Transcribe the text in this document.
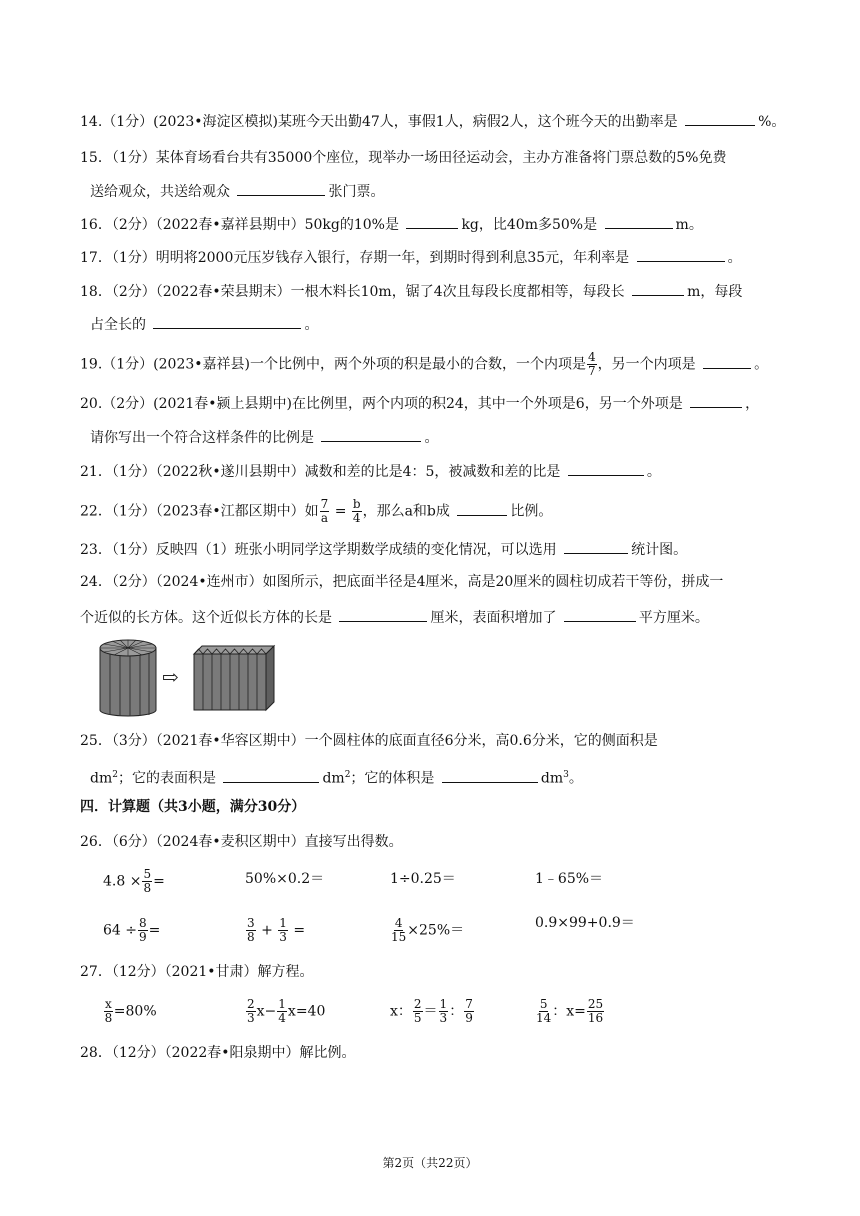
14.（1分）(2023•海淀区模拟)某班今天出勤47人，事假1人，病假2人，这个班今天的出勤率是	%。
15．（1分）某体育场看台共有35000个座位，现举办一场田径运动会，主办方准备将门票总数的5%免费
送给观众，共送给观众	张门票。
16．（2分）（2022春•嘉祥县期中）50kg的10%是	kg，比40m多50%是	m。
17．（1分）明明将2000元压岁钱存入银行，存期一年，到期时得到利息35元，年利率是	。
18．（2分）（2022春•荣县期末）一根木料长10m，锯了4次且每段长度都相等，每段长	m，每段
占全长的	。
19.（1分）(2023•嘉祥县)一个比例中，两个外项的积是最小的合数，一个内项是 $\frac{4}{7}$ ，另一个内项是	。
20.（2分）(2021春•颍上县期中)在比例里，两个内项的积24，其中一个外项是6，另一个外项是	，
请你写出一个符合这样条件的比例是	。
21．（1分）（2022秋•遂川县期中）减数和差的比是4：5，被减数和差的比是	。
22．（1分）（2023春•江都区期中）如 $\frac{7}{a} = \frac{b}{4}$ ，那么a和b成	比例。
23．（1分）反映四（1）班张小明同学这学期数学成绩的变化情况，可以选用	统计图。
24．（2分）（2024•连州市）如图所示，把底面半径是4厘米，高是20厘米的圆柱切成若干等份，拼成一
个近似的长方体。这个近似长方体的长是	厘米，表面积增加了	平方厘米。
⇨
25．（3分）（2021春•华容区期中）一个圆柱体的底面直径6分米，高0.6分米，它的侧面积是
$dm^2$；它的表面积是	$dm^2$；它的体积是	$dm^3$。
四．计算题（共3小题，满分30分）
26．（6分）（2024春•麦积区期中）直接写出得数。
$4.8 \times \frac{5}{8}$ =	50%×0.2＝	1÷0.25＝	1﹣65%＝
$64 \div \frac{8}{9}$ =	$\frac{3}{8} + \frac{1}{3}$ =	$\frac{4}{15} \times 25\%=$	0.9×99+0.9＝
27．（12分）（2021•甘肃）解方程。
$\frac{x}{8} =80\%$	$\frac{2}{3} x- \frac{1}{4} x=40$	x： $\frac{2}{5} = \frac{1}{3}$ ： $\frac{7}{9}$	$\frac{5}{14}$ ：$x= \frac{25}{16}$
28．（12分）（2022春•阳泉期中）解比例。
第2页（共22页）
